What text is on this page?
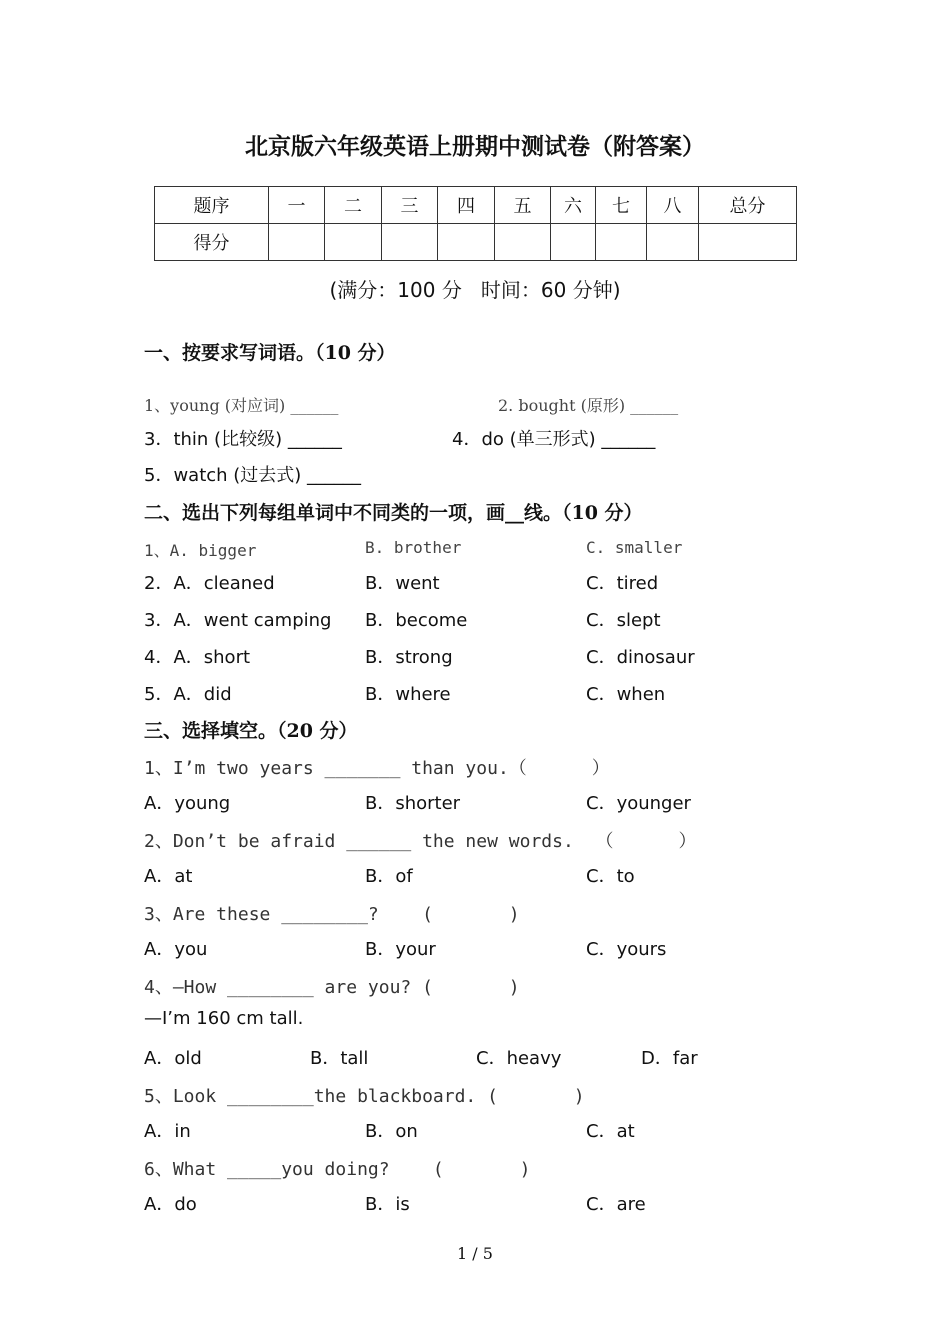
北京版六年级英语上册期中测试卷（附答案）
题序	一	二	三	四	五	六	七	八	总分
得分									
(满分：100 分   时间：60 分钟)
一、按要求写词语。（10 分）
1、young (对应词) ______	2. bought (原形) ______
3．thin (比较级) ______	4．do (单三形式) ______
5．watch (过去式) ______
二、选出下列每组单词中不同类的一项，画__线。（10 分）
1、A. bigger	B. brother	C. smaller
2．A．cleaned	B．went	C．tired
3．A．went camping B．become	C．slept
4．A．short	B．strong	C．dinosaur
5．A．did	B．where	C．when
三、选择填空。（20 分）
1、I’m two years _______ than you.（      ）
A．young	B．shorter	C．younger
2、Don’t be afraid ______ the new words.  （      ）
A．at	B．of	C．to
3、Are these ________?    (       )
A．you	B．your	C．yours
4、—How ________ are you? (       )
—I’m 160 cm tall.
A．old	B．tall	C．heavy	D．far
5、Look ________the blackboard. (       )
A．in	B．on	C．at
6、What _____you doing?    (       )
A．do	B．is	C．are
1 / 5
